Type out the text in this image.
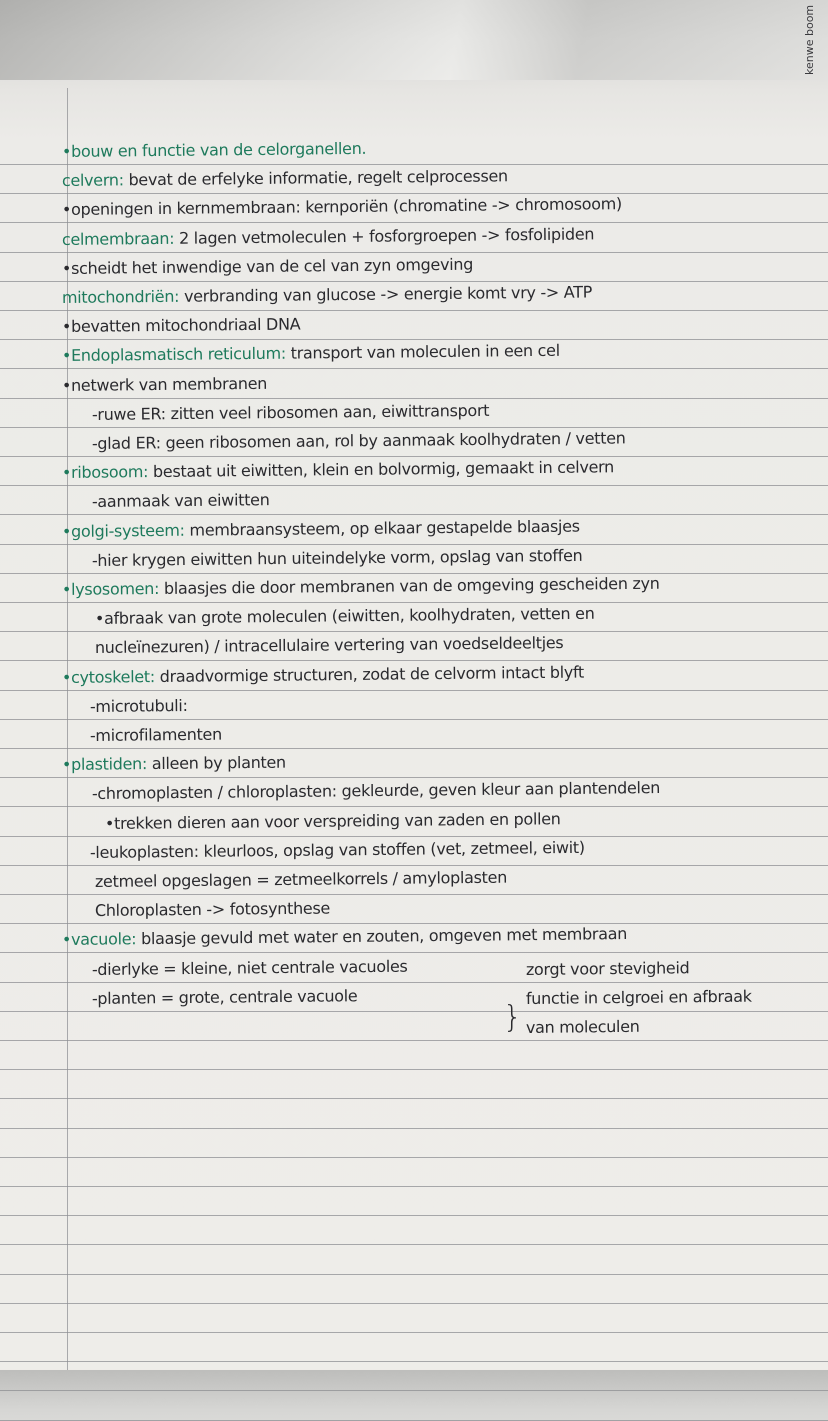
kenwe boom
•bouw en functie van de celorganellen.
celvern: bevat de erfelyke informatie, regelt celprocessen
•openingen in kernmembraan: kernporiën (chromatine -> chromosoom)
celmembraan: 2 lagen vetmoleculen + fosforgroepen -> fosfolipiden
•scheidt het inwendige van de cel van zyn omgeving
mitochondriën: verbranding van glucose -> energie komt vry -> ATP
•bevatten mitochondriaal DNA
•Endoplasmatisch reticulum: transport van moleculen in een cel
•netwerk van membranen
-ruwe ER: zitten veel ribosomen aan, eiwittransport
-glad ER: geen ribosomen aan, rol by aanmaak koolhydraten / vetten
•ribosoom: bestaat uit eiwitten, klein en bolvormig, gemaakt in celvern
-aanmaak van eiwitten
•golgi-systeem: membraansysteem, op elkaar gestapelde blaasjes
-hier krygen eiwitten hun uiteindelyke vorm, opslag van stoffen
•lysosomen: blaasjes die door membranen van de omgeving gescheiden zyn
•afbraak van grote moleculen (eiwitten, koolhydraten, vetten en
nucleïnezuren) / intracellulaire vertering van voedseldeeltjes
•cytoskelet: draadvormige structuren, zodat de celvorm intact blyft
-microtubuli:
-microfilamenten
•plastiden: alleen by planten
-chromoplasten / chloroplasten: gekleurde, geven kleur aan plantendelen
•trekken dieren aan voor verspreiding van zaden en pollen
-leukoplasten: kleurloos, opslag van stoffen (vet, zetmeel, eiwit)
zetmeel opgeslagen = zetmeelkorrels / amyloplasten
Chloroplasten -> fotosynthese
•vacuole: blaasje gevuld met water en zouten, omgeven met membraan
-dierlyke = kleine, niet centrale vacuoles
-planten = grote, centrale vacuole
zorgt voor stevigheid
functie in celgroei en afbraak
van moleculen
}
